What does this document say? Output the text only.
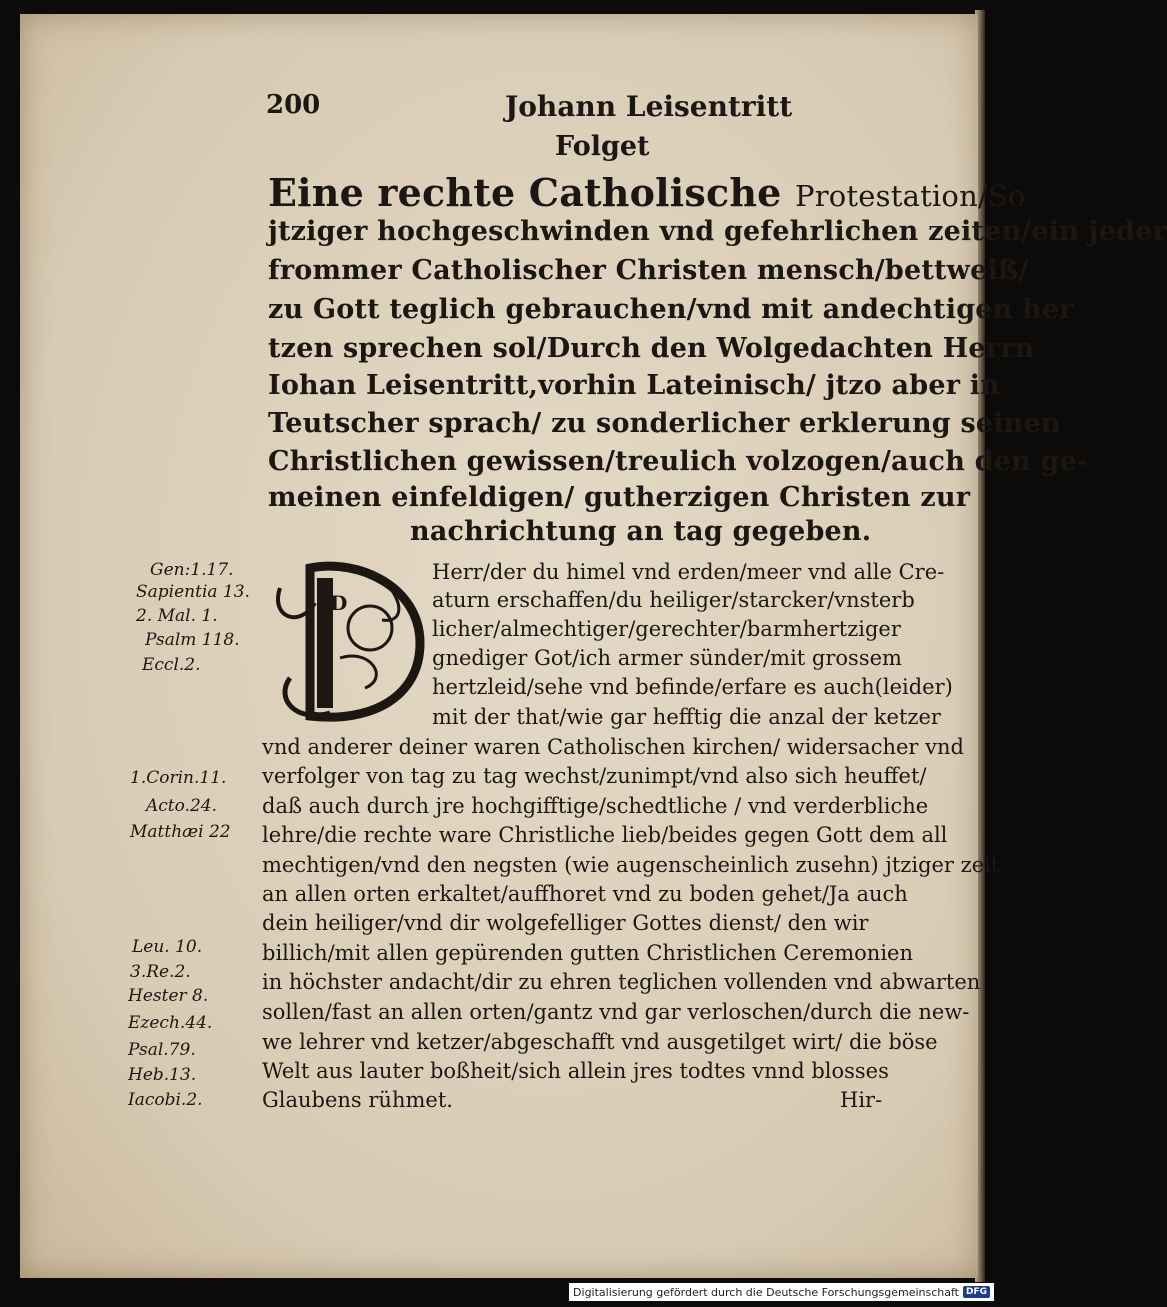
200	Johann Leisentritt
Folget
Eine rechte Catholische Protestation/So
jtziger hochgeschwinden vnd gefehrlichen zeiten/ein jeder
frommer Catholischer Christen mensch/bettweiß/
zu Gott teglich gebrauchen/vnd mit andechtigen her
tzen sprechen sol/Durch den Wolgedachten Herrn
Iohan Leisentritt,vorhin Lateinisch/ jtzo aber in
Teutscher sprach/ zu sonderlicher erklerung seinen
Christlichen gewissen/treulich volzogen/auch den ge-
meinen einfeldigen/ gutherzigen Christen zur
nachrichtung an tag gegeben.
D
Herr/der du himel vnd erden/meer vnd alle Cre-
aturn erschaffen/du heiliger/starcker/vnsterb
licher/almechtiger/gerechter/barmhertziger
gnediger Got/ich armer sünder/mit grossem
hertzleid/sehe vnd befinde/erfare es auch(leider)
mit der that/wie gar hefftig die anzal der ketzer
vnd anderer deiner waren Catholischen kirchen/ widersacher vnd
verfolger von tag zu tag wechst/zunimpt/vnd also sich heuffet/
daß auch durch jre hochgifftige/schedtliche / vnd verderbliche
lehre/die rechte ware Christliche lieb/beides gegen Gott dem all
mechtigen/vnd den negsten (wie augenscheinlich zusehn) jtziger zeit
an allen orten erkaltet/auffhoret vnd zu boden gehet/Ja auch
dein heiliger/vnd dir wolgefelliger Gottes dienst/ den wir
billich/mit allen gepürenden gutten Christlichen Ceremonien
in höchster andacht/dir zu ehren teglichen vollenden vnd abwarten
sollen/fast an allen orten/gantz vnd gar verloschen/durch die new-
we lehrer vnd ketzer/abgeschafft vnd ausgetilget wirt/ die böse
Welt aus lauter boßheit/sich allein jres todtes vnnd blosses
Glaubens rühmet.	Hir-
Gen:1.17.
Sapientia 13.
2. Mal. 1.
Psalm 118.
Eccl.2.
1.Corin.11.
Acto.24.
Matthæi 22
Leu. 10.
3.Re.2.
Hester 8.
Ezech.44.
Psal.79.
Heb.13.
Iacobi.2.
Digitalisierung gefördert durch die Deutsche Forschungsgemeinschaft DFG
